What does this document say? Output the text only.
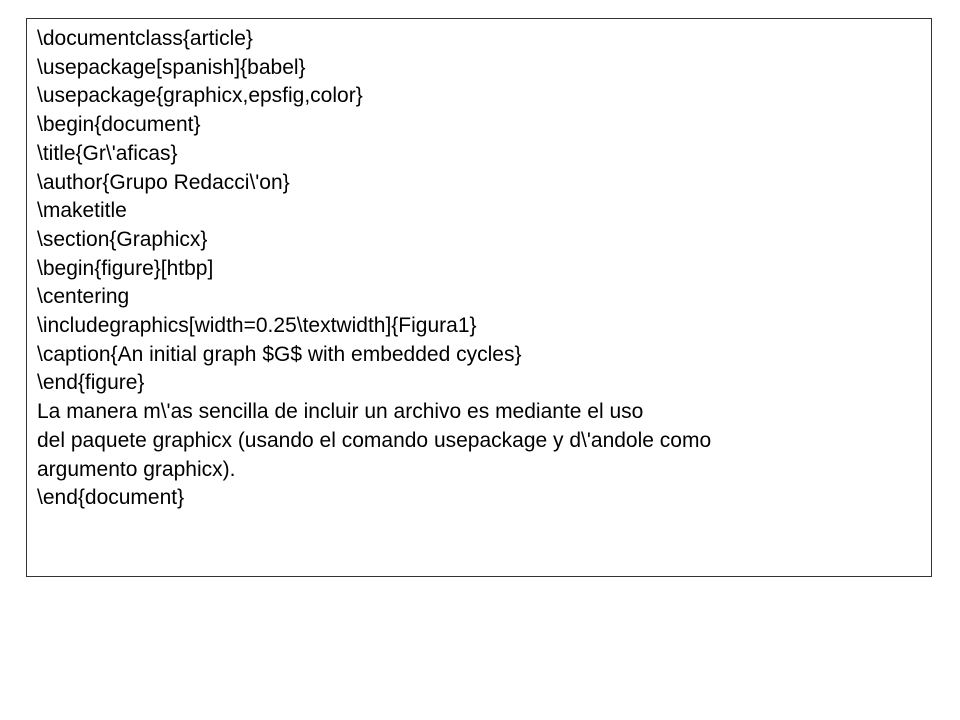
\documentclass{article}
\usepackage[spanish]{babel}
\usepackage{graphicx,epsfig,color}
\begin{document}
\title{Gr\'aficas}
\author{Grupo Redacci\'on}
\maketitle
\section{Graphicx}
\begin{figure}[htbp]
\centering
\includegraphics[width=0.25\textwidth]{Figura1}
\caption{An initial graph $G$ with embedded cycles}
\end{figure}
La manera m\'as sencilla de incluir un archivo es mediante el uso
del paquete graphicx (usando el comando usepackage y d\'andole como
argumento graphicx).
\end{document}
